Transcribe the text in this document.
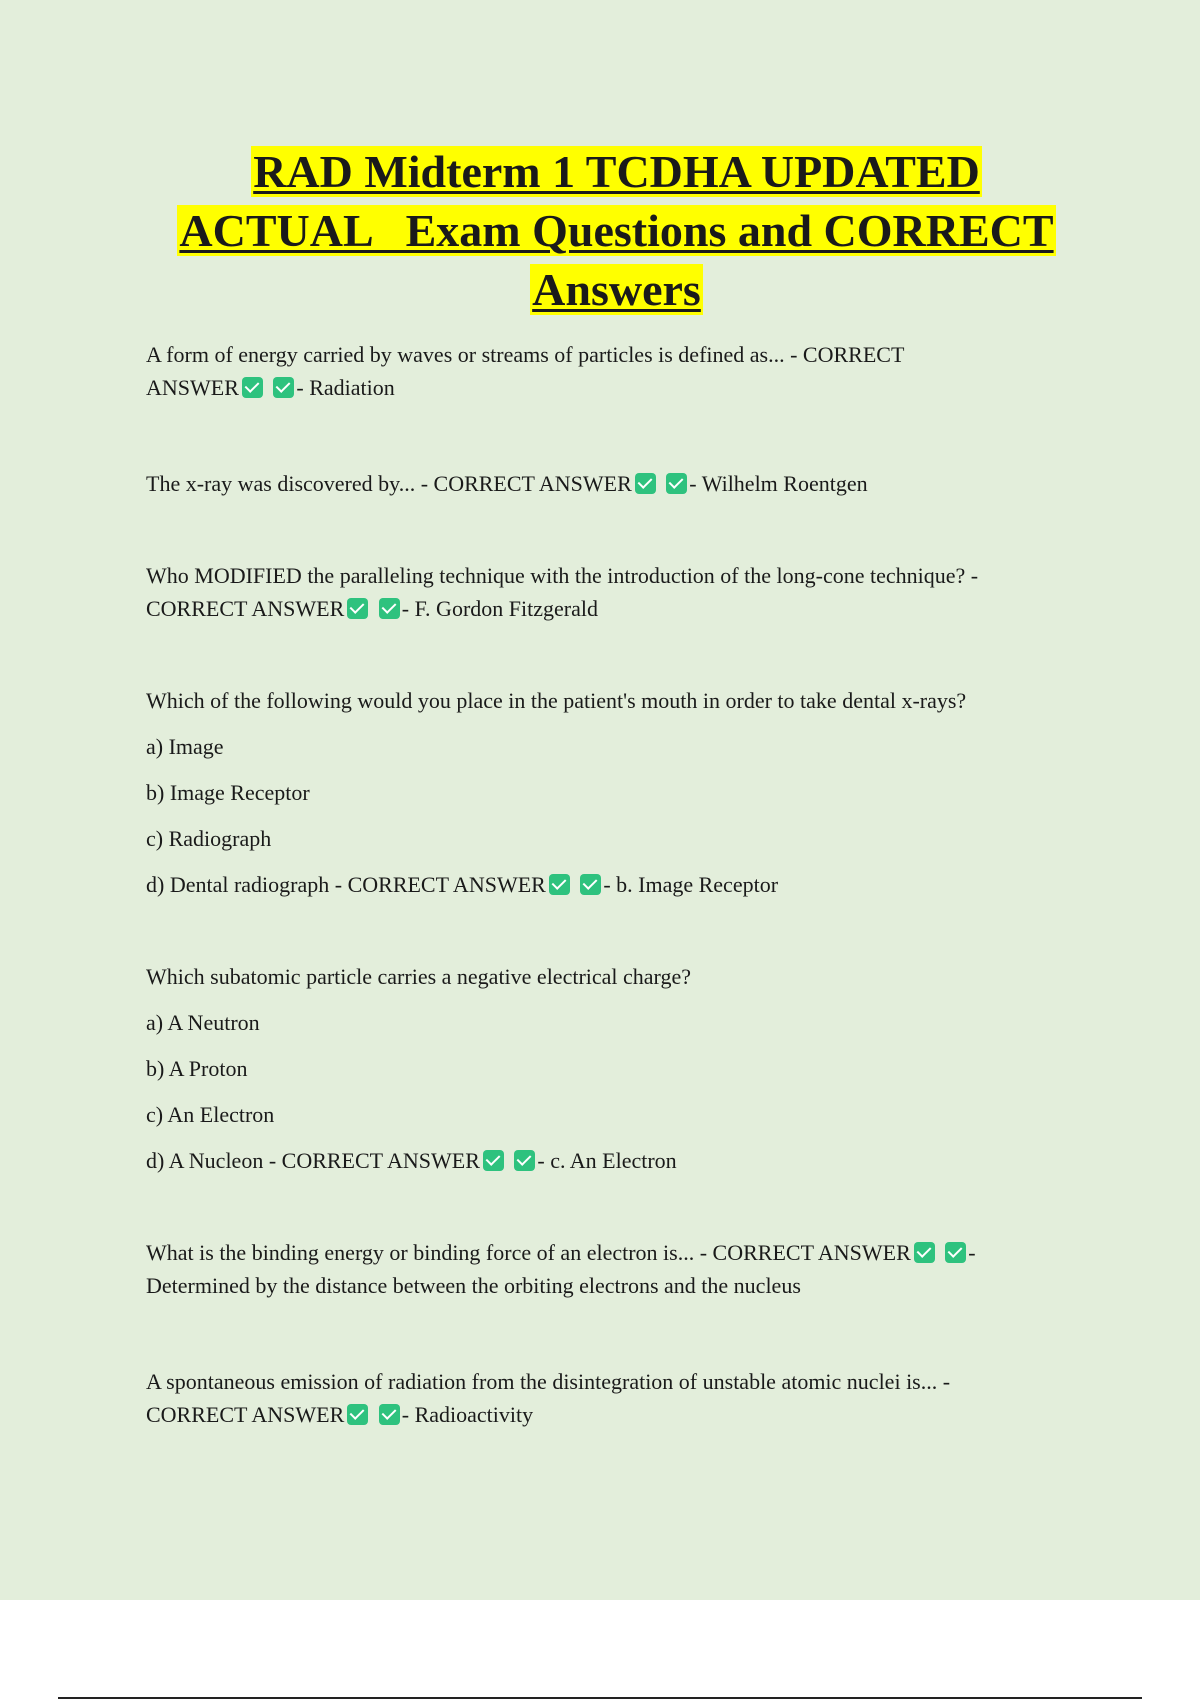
RAD Midterm 1 TCDHA UPDATED
ACTUAL   Exam Questions and CORRECT
Answers
A form of energy carried by waves or streams of particles is defined as... - CORRECT
ANSWER	- Radiation
The x-ray was discovered by... - CORRECT ANSWER	- Wilhelm Roentgen
Who MODIFIED the paralleling technique with the introduction of the long-cone technique? -
CORRECT ANSWER	- F. Gordon Fitzgerald
Which of the following would you place in the patient's mouth in order to take dental x-rays?
a) Image
b) Image Receptor
c) Radiograph
d) Dental radiograph - CORRECT ANSWER	- b. Image Receptor
Which subatomic particle carries a negative electrical charge?
a) A Neutron
b) A Proton
c) An Electron
d) A Nucleon - CORRECT ANSWER	- c. An Electron
What is the binding energy or binding force of an electron is... - CORRECT ANSWER	-
Determined by the distance between the orbiting electrons and the nucleus
A spontaneous emission of radiation from the disintegration of unstable atomic nuclei is... -
CORRECT ANSWER	- Radioactivity
